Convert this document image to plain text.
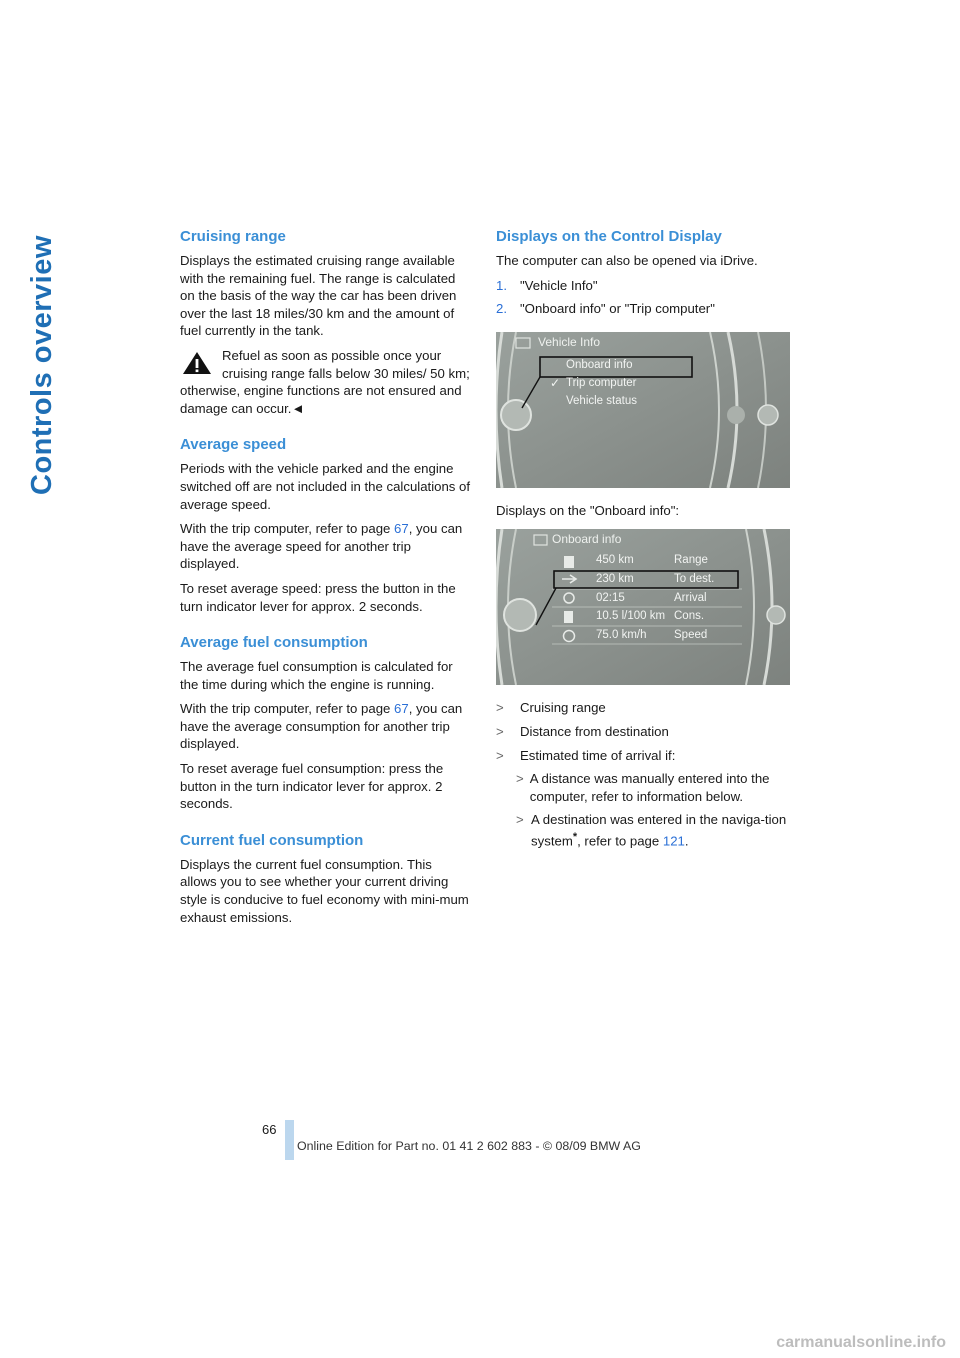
Controls overview	Cruising range

Displays the estimated cruising range available with the remaining fuel. The range is calculated on the basis of the way the car has been driven over the last 18 miles/30 km and the amount of fuel currently in the tank.

Refuel as soon as possible once your cruising range falls below 30 miles/ 50 km; otherwise, engine functions are not ensured and damage can occur.◄
Average speed

Periods with the vehicle parked and the engine switched off are not included in the calculations of average speed.

With the trip computer, refer to page 67, you can have the average speed for another trip displayed.

To reset average speed: press the button in the turn indicator lever for approx. 2 seconds.

Average fuel consumption

The average fuel consumption is calculated for the time during which the engine is running.

With the trip computer, refer to page 67, you can have the average consumption for another trip displayed.

To reset average fuel consumption: press the button in the turn indicator lever for approx. 2 seconds.

Current fuel consumption

Displays the current fuel consumption. This allows you to see whether your current driving style is conducive to fuel economy with mini-mum exhaust emissions.

Displays on the Control Display

The computer can also be opened via iDrive.

1. "Vehicle Info"
2. "Onboard info" or "Trip computer"
Vehicle Info
Onboard info
✓ Trip computer
Vehicle status

Displays on the "Onboard info":

Onboard info
450 km	Range
230 km	To dest.
02:15	Arrival
10.5 l/100 km Cons.
75.0 km/h Speed
>	Cruising range
>	Distance from destination
>	Estimated time of arrival if:
> A distance was manually entered into the computer, refer to information below.
> A destination was entered in the naviga-tion system*, refer to page 121.
66
Online Edition for Part no. 01 41 2 602 883 - © 08/09 BMW AG
carmanualsonline.info
